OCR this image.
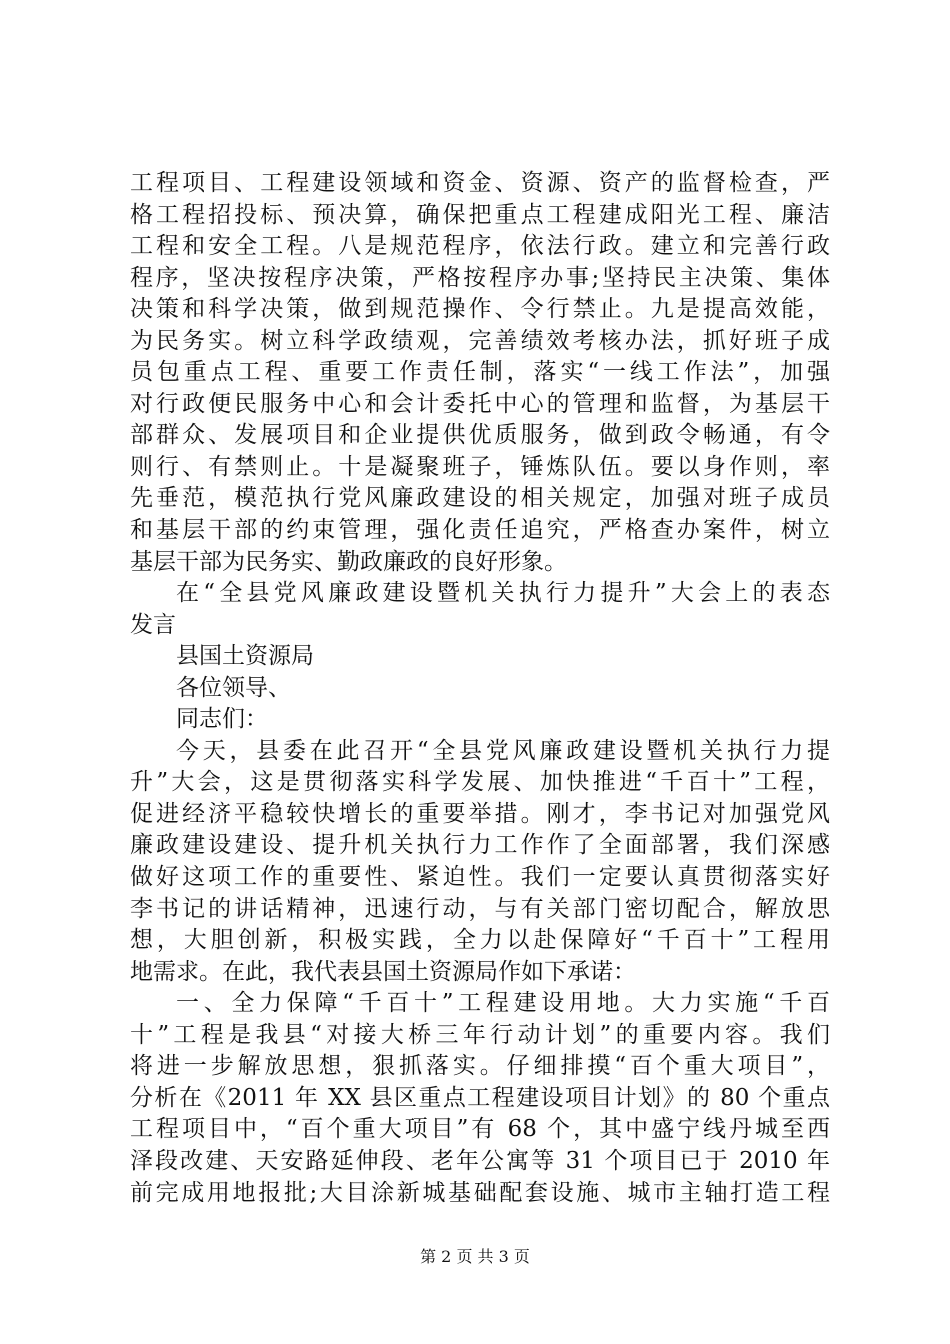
工程项目、工程建设领域和资金、资源、资产的监督检查，严
格工程招投标、预决算，确保把重点工程建成阳光工程、廉洁
工程和安全工程。八是规范程序，依法行政。建立和完善行政
程序，坚决按程序决策，严格按程序办事;坚持民主决策、集体
决策和科学决策，做到规范操作、令行禁止。九是提高效能，
为民务实。树立科学政绩观，完善绩效考核办法，抓好班子成
员包重点工程、重要工作责任制，落实“一线工作法”，加强
对行政便民服务中心和会计委托中心的管理和监督，为基层干
部群众、发展项目和企业提供优质服务，做到政令畅通，有令
则行、有禁则止。十是凝聚班子，锤炼队伍。要以身作则，率
先垂范，模范执行党风廉政建设的相关规定，加强对班子成员
和基层干部的约束管理，强化责任追究，严格查办案件，树立
基层干部为民务实、勤政廉政的良好形象。
在“全县党风廉政建设暨机关执行力提升”大会上的表态
发言
县国土资源局
各位领导、
同志们：
今天，县委在此召开“全县党风廉政建设暨机关执行力提
升”大会，这是贯彻落实科学发展、加快推进“千百十”工程，
促进经济平稳较快增长的重要举措。刚才，李书记对加强党风
廉政建设建设、提升机关执行力工作作了全面部署，我们深感
做好这项工作的重要性、紧迫性。我们一定要认真贯彻落实好
李书记的讲话精神，迅速行动，与有关部门密切配合，解放思
想，大胆创新，积极实践，全力以赴保障好“千百十”工程用
地需求。在此，我代表县国土资源局作如下承诺：
一、全力保障“千百十”工程建设用地。大力实施“千百
十”工程是我县“对接大桥三年行动计划”的重要内容。我们
将进一步解放思想，狠抓落实。仔细排摸“百个重大项目”，
分析在《2011 年 XX 县区重点工程建设项目计划》的 80 个重点
工程项目中，“百个重大项目”有 68 个，其中盛宁线丹城至西
泽段改建、天安路延伸段、老年公寓等 31 个项目已于 2010 年
前完成用地报批;大目涂新城基础配套设施、城市主轴打造工程
第 2 页 共 3 页
